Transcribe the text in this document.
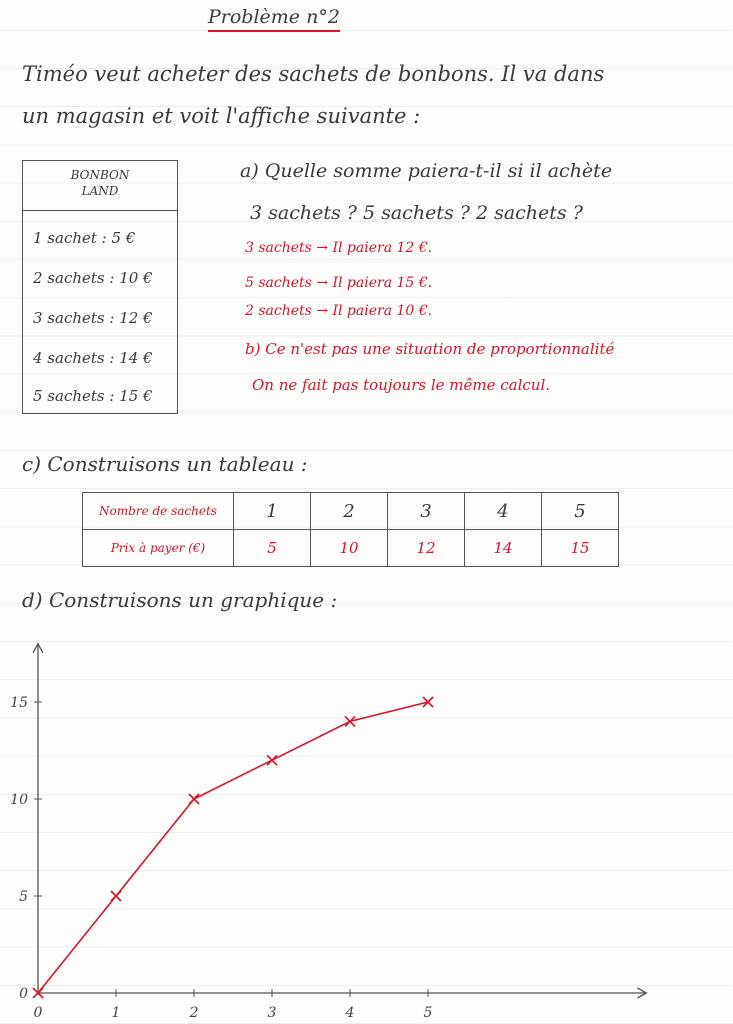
Problème n°2
Timéo veut acheter des sachets de bonbons. Il va dans
un magasin et voit l'affiche suivante :
BONBON
LAND
1 sachet : 5 €
2 sachets : 10 €
3 sachets : 12 €
4 sachets : 14 €
5 sachets : 15 €
a) Quelle somme paiera-t-il si il achète
3 sachets ? 5 sachets ? 2 sachets ?
3 sachets → Il paiera 12 €.
5 sachets → Il paiera 15 €.
2 sachets → Il paiera 10 €.
b) Ce n'est pas une situation de proportionnalité
On ne fait pas toujours le même calcul.
c) Construisons un tableau :
Nombre de sachets	1	2	3	4	5
Prix à payer (€)	5	10	12	14	15
d) Construisons un graphique :
0	1	2	3	4	5
0
5
10
15
